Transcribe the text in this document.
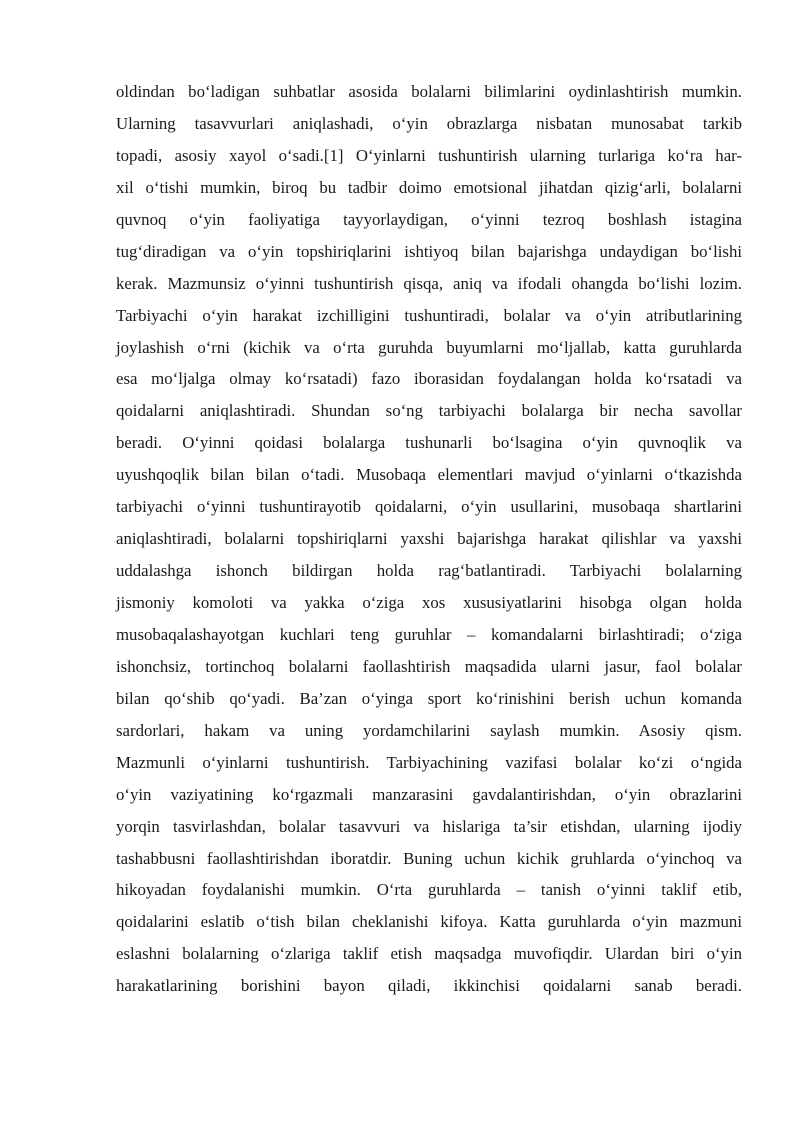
oldindan bo‘ladigan suhbatlar asosida bolalarni bilimlarini oydinlashtirish mumkin.
Ularning tasavvurlari aniqlashadi, o‘yin obrazlarga nisbatan munosabat tarkib
topadi, asosiy xayol o‘sadi.[1] O‘yinlarni tushuntirish ularning turlariga ko‘ra har-
xil o‘tishi mumkin, biroq bu tadbir doimo emotsional jihatdan qizig‘arli, bolalarni
quvnoq o‘yin faoliyatiga tayyorlaydigan, o‘yinni tezroq boshlash istagina
tug‘diradigan va o‘yin topshiriqlarini ishtiyoq bilan bajarishga undaydigan bo‘lishi
kerak. Mazmunsiz o‘yinni tushuntirish qisqa, aniq va ifodali ohangda bo‘lishi lozim.
Tarbiyachi o‘yin harakat izchilligini tushuntiradi, bolalar va o‘yin atributlarining
joylashish o‘rni (kichik va o‘rta guruhda buyumlarni mo‘ljallab, katta guruhlarda
esa mo‘ljalga olmay ko‘rsatadi) fazo iborasidan foydalangan holda ko‘rsatadi va
qoidalarni aniqlashtiradi. Shundan so‘ng tarbiyachi bolalarga bir necha savollar
beradi. O‘yinni qoidasi bolalarga tushunarli bo‘lsagina o‘yin quvnoqlik va
uyushqoqlik bilan bilan o‘tadi. Musobaqa elementlari mavjud o‘yinlarni o‘tkazishda
tarbiyachi o‘yinni tushuntirayotib qoidalarni, o‘yin usullarini, musobaqa shartlarini
aniqlashtiradi, bolalarni topshiriqlarni yaxshi bajarishga harakat qilishlar va yaxshi
uddalashga ishonch bildirgan holda rag‘batlantiradi. Tarbiyachi bolalarning
jismoniy komoloti va yakka o‘ziga xos xususiyatlarini hisobga olgan holda
musobaqalashayotgan kuchlari teng guruhlar – komandalarni birlashtiradi; o‘ziga
ishonchsiz, tortinchoq bolalarni faollashtirish maqsadida ularni jasur, faol bolalar
bilan qo‘shib qo‘yadi. Ba’zan o‘yinga sport ko‘rinishini berish uchun komanda
sardorlari, hakam va uning yordamchilarini saylash mumkin. Asosiy qism.
Mazmunli o‘yinlarni tushuntirish. Tarbiyachining vazifasi bolalar ko‘zi o‘ngida
o‘yin vaziyatining ko‘rgazmali manzarasini gavdalantirishdan, o‘yin obrazlarini
yorqin tasvirlashdan, bolalar tasavvuri va hislariga ta’sir etishdan, ularning ijodiy
tashabbusni faollashtirishdan iboratdir. Buning uchun kichik gruhlarda o‘yinchoq va
hikoyadan foydalanishi mumkin. O‘rta guruhlarda – tanish o‘yinni taklif etib,
qoidalarini eslatib o‘tish bilan cheklanishi kifoya. Katta guruhlarda o‘yin mazmuni
eslashni bolalarning o‘zlariga taklif etish maqsadga muvofiqdir. Ulardan biri o‘yin
harakatlarining borishini bayon qiladi, ikkinchisi qoidalarni sanab beradi.
